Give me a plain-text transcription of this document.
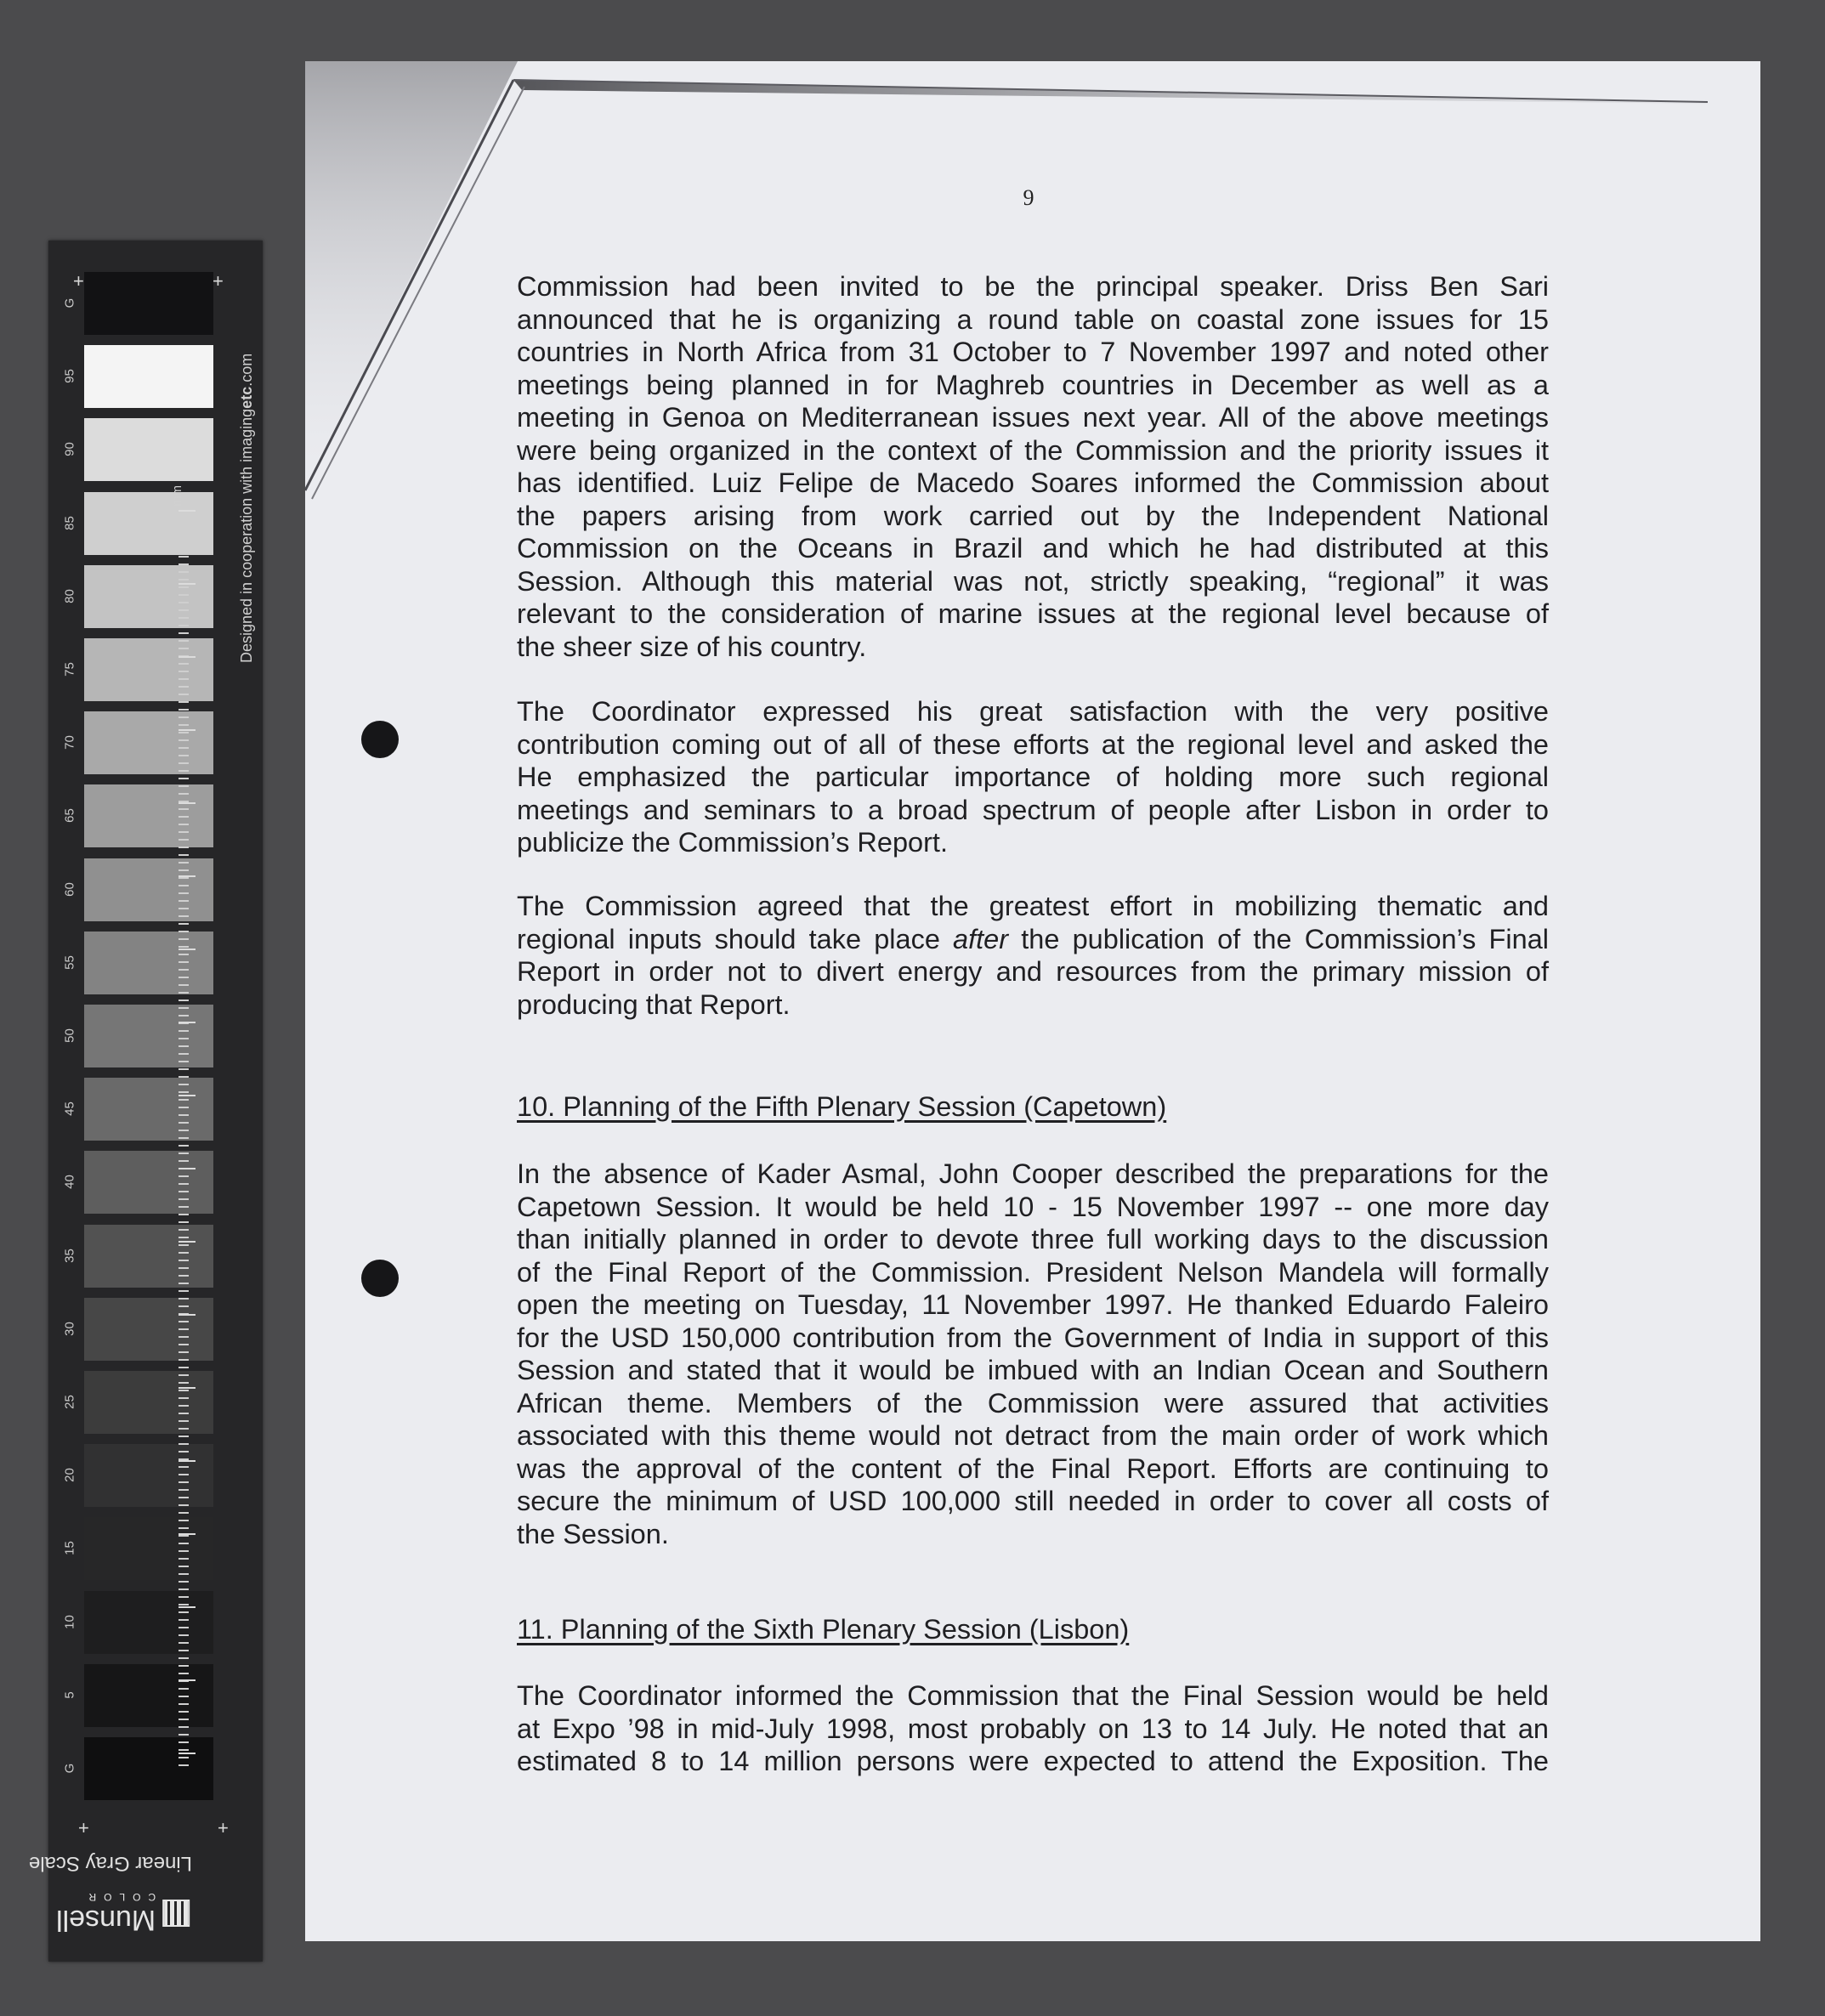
G
95
90
85
80
75
70
65
60
55
50
45
40
35
30
25
20
15
10
5
G
mm	Designed in cooperation with imagingetc.com
+	+
+	+
Linear Gray Scale
Munsell
COLOR
9
Commission had been invited to be the principal speaker. Driss Ben Sari
announced that he is organizing a round table on coastal zone issues for 15
countries in North Africa from 31 October to 7 November 1997 and noted other
meetings being planned in for Maghreb countries in December as well as a
meeting in Genoa on Mediterranean issues next year. All of the above meetings
were being organized in the context of the Commission and the priority issues it
has identified. Luiz Felipe de Macedo Soares informed the Commission about
the papers arising from work carried out by the Independent National
Commission on the Oceans in Brazil and which he had distributed at this
Session. Although this material was not, strictly speaking, “regional” it was
relevant to the consideration of marine issues at the regional level because of
the sheer size of his country.
The Coordinator expressed his great satisfaction with the very positive
contribution coming out of all of these efforts at the regional level and asked the
He emphasized the particular importance of holding more such regional
meetings and seminars to a broad spectrum of people after Lisbon in order to
publicize the Commission’s Report.
The Commission agreed that the greatest effort in mobilizing thematic and
regional inputs should take place after the publication of the Commission’s Final
Report in order not to divert energy and resources from the primary mission of
producing that Report.
10. Planning of the Fifth Plenary Session (Capetown)
In the absence of Kader Asmal, John Cooper described the preparations for the
Capetown Session. It would be held 10 - 15 November 1997 -- one more day
than initially planned in order to devote three full working days to the discussion
of the Final Report of the Commission. President Nelson Mandela will formally
open the meeting on Tuesday, 11 November 1997. He thanked Eduardo Faleiro
for the USD 150,000 contribution from the Government of India in support of this
Session and stated that it would be imbued with an Indian Ocean and Southern
African theme. Members of the Commission were assured that activities
associated with this theme would not detract from the main order of work which
was the approval of the content of the Final Report. Efforts are continuing to
secure the minimum of USD 100,000 still needed in order to cover all costs of
the Session.
11. Planning of the Sixth Plenary Session (Lisbon)
The Coordinator informed the Commission that the Final Session would be held
at Expo ’98 in mid-July 1998, most probably on 13 to 14 July. He noted that an
estimated 8 to 14 million persons were expected to attend the Exposition. The
